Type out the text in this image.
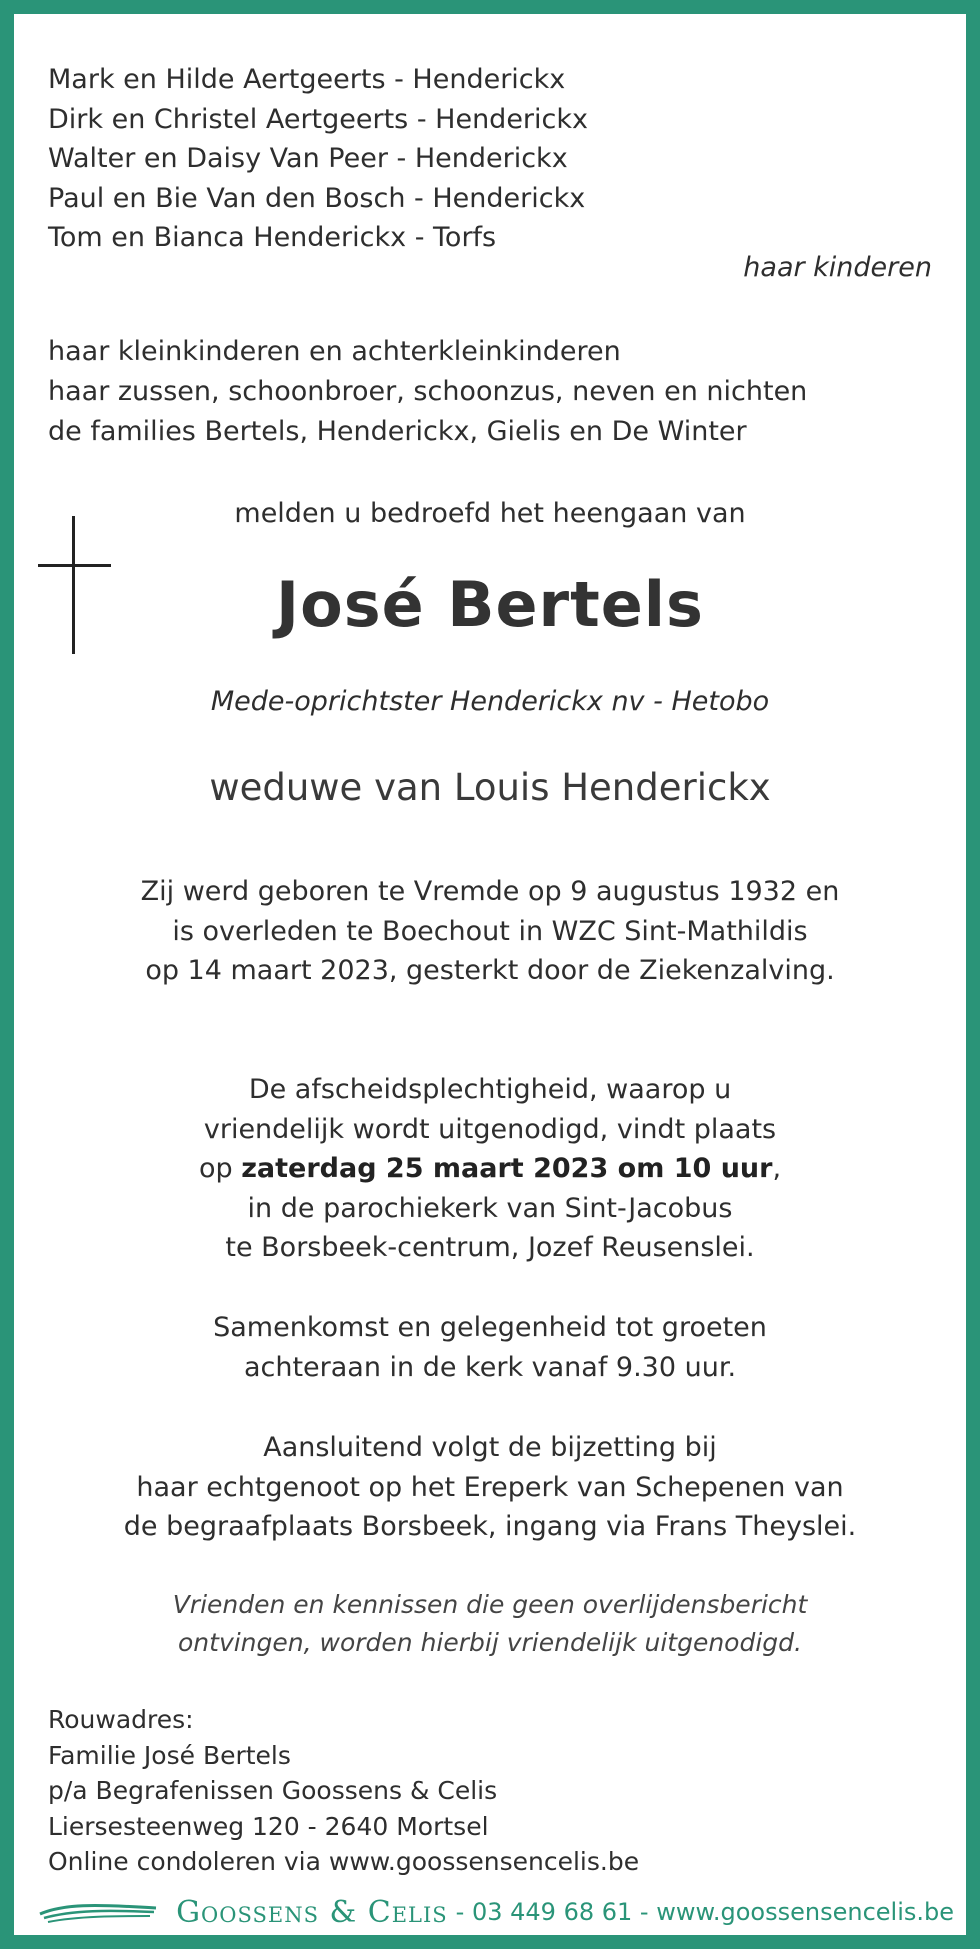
Mark en Hilde Aertgeerts - Henderickx
Dirk en Christel Aertgeerts - Henderickx
Walter en Daisy Van Peer - Henderickx
Paul en Bie Van den Bosch - Henderickx
Tom en Bianca Henderickx - Torfs
haar kinderen
haar kleinkinderen en achterkleinkinderen
haar zussen, schoonbroer, schoonzus, neven en nichten
de families Bertels, Henderickx, Gielis en De Winter
melden u bedroefd het heengaan van
José Bertels
Mede-oprichtster Henderickx nv - Hetobo
weduwe van Louis Henderickx
Zij werd geboren te Vremde op 9 augustus 1932 en
is overleden te Boechout in WZC Sint-Mathildis
op 14 maart 2023, gesterkt door de Ziekenzalving.
De afscheidsplechtigheid, waarop u
vriendelijk wordt uitgenodigd, vindt plaats
op zaterdag 25 maart 2023 om 10 uur,
in de parochiekerk van Sint-Jacobus
te Borsbeek-centrum, Jozef Reusenslei.
Samenkomst en gelegenheid tot groeten
achteraan in de kerk vanaf 9.30 uur.
Aansluitend volgt de bijzetting bij
haar echtgenoot op het Ereperk van Schepenen van
de begraafplaats Borsbeek, ingang via Frans Theyslei.
Vrienden en kennissen die geen overlijdensbericht
ontvingen, worden hierbij vriendelijk uitgenodigd.
Rouwadres:
Familie José Bertels
p/a Begrafenissen Goossens & Celis
Liersesteenweg 120 - 2640 Mortsel
Online condoleren via www.goossensencelis.be
Goossens & Celis - 03 449 68 61 - www.goossensencelis.be
